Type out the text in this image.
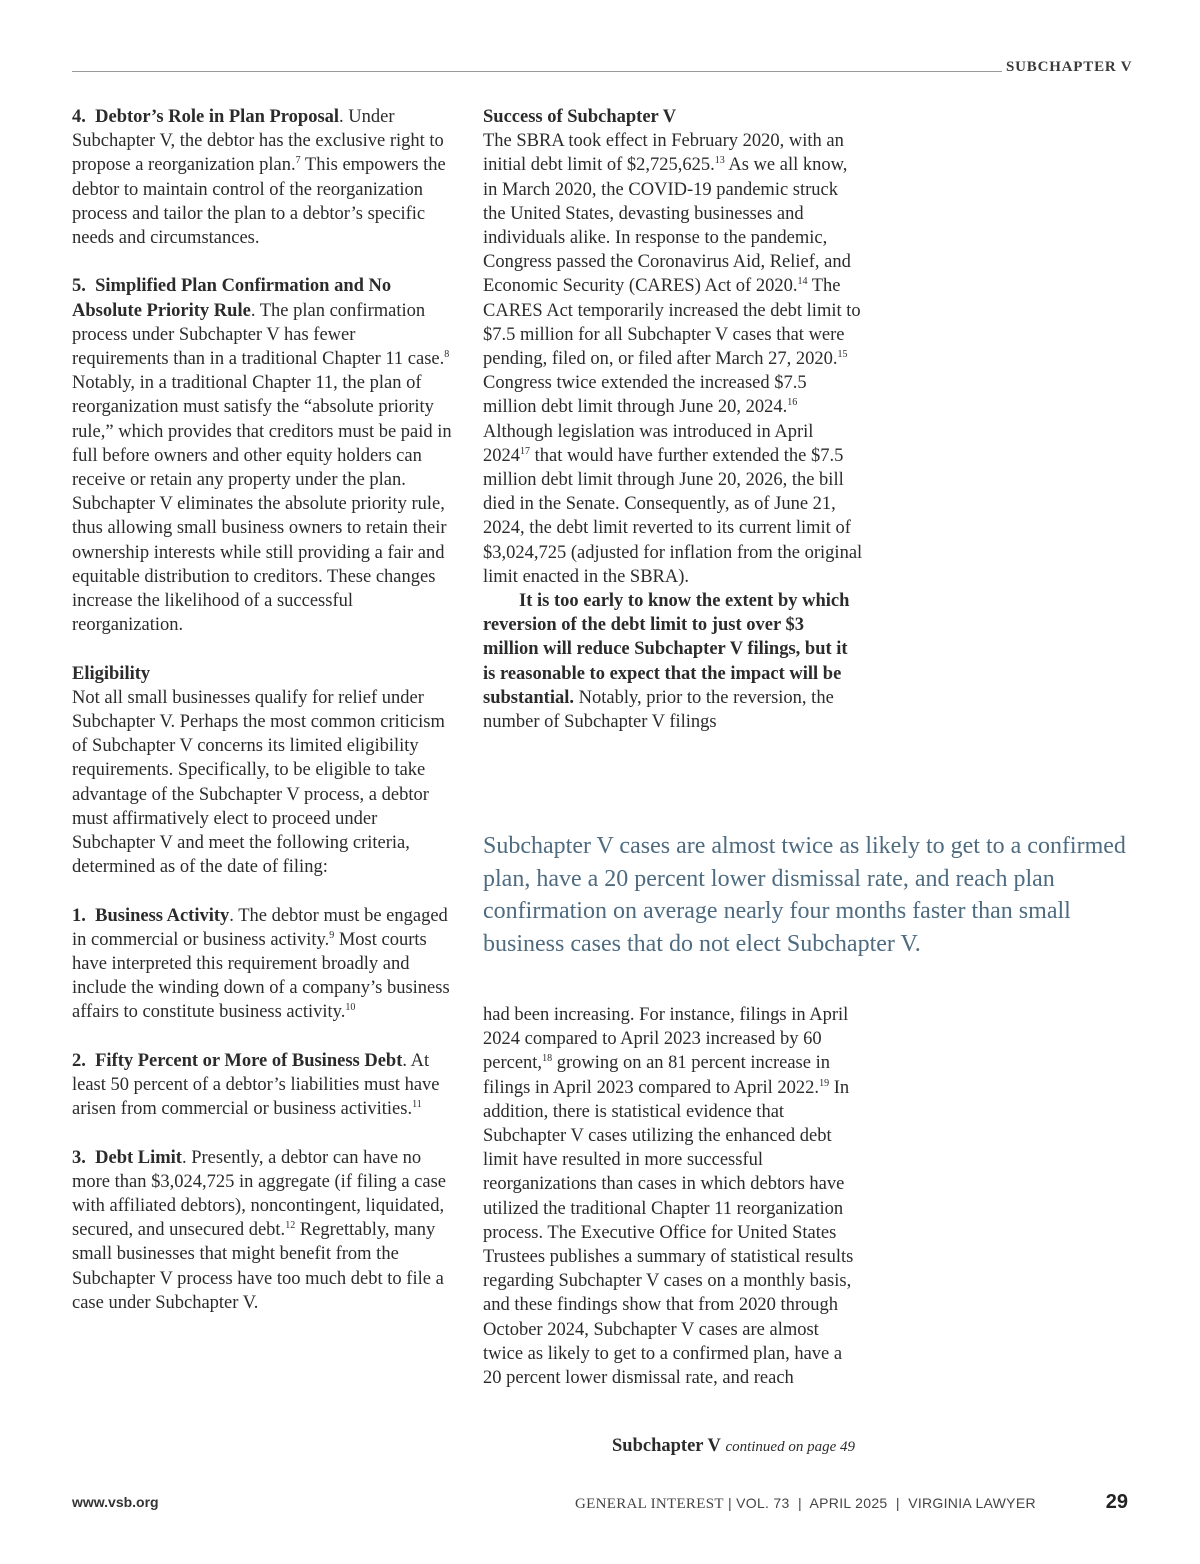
SUBCHAPTER V

4.  Debtor’s Role in Plan Proposal. Under Subchapter V, the debtor has the exclusive right to propose a reorganization plan.$^7$ This empowers the debtor to maintain control of the reorganization process and tailor the plan to a debtor’s specific needs and circumstances.

5.  Simplified Plan Confirmation and No Absolute Priority Rule. The plan confirmation process under Subchapter V has fewer requirements than in a traditional Chapter 11 case.$^8$ Notably, in a traditional Chapter 11, the plan of reorganization must satisfy the “absolute priority rule,” which provides that creditors must be paid in full before owners and other equity holders can receive or retain any property under the plan. Subchapter V eliminates the absolute priority rule, thus allowing small business owners to retain their ownership interests while still providing a fair and equitable distribution to creditors. These changes increase the likelihood of a successful reorganization.

Eligibility
Not all small businesses qualify for relief under Subchapter V. Perhaps the most common criticism of Subchapter V concerns its limited eligibility requirements. Specifically, to be eligible to take advantage of the Subchapter V process, a debtor must affirmatively elect to proceed under Subchapter V and meet the following criteria, determined as of the date of filing:

1.  Business Activity. The debtor must be engaged in commercial or business activity.$^9$ Most courts have interpreted this requirement broadly and include the winding down of a company’s business affairs to constitute business activity.$^{10}$

2.  Fifty Percent or More of Business Debt. At least 50 percent of a debtor’s liabilities must have arisen from commercial or business activities.$^{11}$

3.  Debt Limit. Presently, a debtor can have no more than $3,024,725 in aggregate (if filing a case with affiliated debtors), noncontingent, liquidated, secured, and unsecured debt.$^{12}$ Regrettably, many small businesses that might benefit from the Subchapter V process have too much debt to file a case under Subchapter V.

Success of Subchapter V
The SBRA took effect in February 2020, with an initial debt limit of $2,725,625.13 As we all know, in March 2020, the COVID-19 pandemic struck the United States, devasting businesses and individuals alike. In response to the pandemic, Congress passed the Coronavirus Aid, Relief, and Economic Security (CARES) Act of 2020.14 The CARES Act temporarily increased the debt limit to $7.5 million for all Subchapter V cases that were pending, filed on, or filed after March 27, 2020.15 Congress twice extended the increased $7.5 million debt limit through June 20, 2024.16 Although legislation was introduced in April 2024$^{17}$ that would have further extended the $7.5 million debt limit through June 20, 2026, the bill died in the Senate. Consequently, as of June 21, 2024, the debt limit reverted to its current limit of $3,024,725 (adjusted for inflation from the original limit enacted in the SBRA).

It is too early to know the extent by which reversion of the debt limit to just over $3 million will reduce Subchapter V filings, but it is reasonable to expect that the impact will be substantial. Notably, prior to the reversion, the number of Subchapter V filings

Subchapter V cases are almost twice as likely to get to a confirmed plan, have a 20 percent lower dismissal rate, and reach plan confirmation on average nearly four months faster than small business cases that do not elect Subchapter V.

had been increasing. For instance, filings in April 2024 compared to April 2023 increased by 60 percent,$^{18}$ growing on an 81 percent increase in filings in April 2023 compared to April 2022.19 In addition, there is statistical evidence that Subchapter V cases utilizing the enhanced debt limit have resulted in more successful reorganizations than cases in which debtors have utilized the traditional Chapter 11 reorganization process. The Executive Office for United States Trustees publishes a summary of statistical results regarding Subchapter V cases on a monthly basis, and these findings show that from 2020 through October 2024, Subchapter V cases are almost twice as likely to get to a confirmed plan, have a 20 percent lower dismissal rate, and reach

Subchapter V continued on page 49
www.vsb.org	GENERAL INTEREST | VOL. 73  |  APRIL 2025  |  VIRGINIA LAWYER	29
